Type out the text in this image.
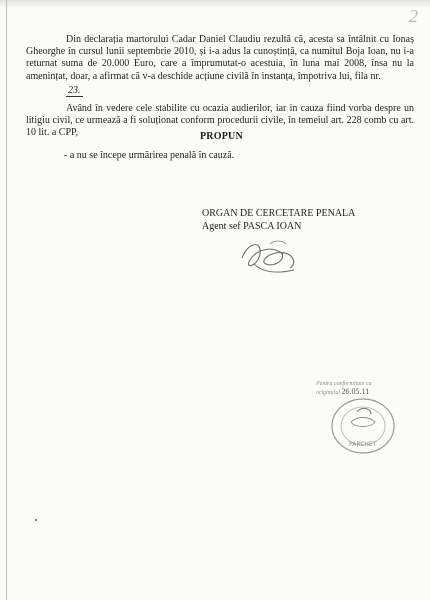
2

Din declarația martorului Cadar Daniel Claudiu rezultă că, acesta sa întâlnit cu Ionaș Gheorghe în cursul lunii septembrie 2010, și i-a adus la cunoștință, ca numitul Boja Ioan, nu i-a returnat suma de 20.000 Euro, care a împrumutat-o acestuia, în luna mai 2008, însa nu la amenințat, doar, a afirmat că v-a deschide acțiune civilă în instanța, împotriva lui, fila nr.
23.

Având în vedere cele stabilite cu ocazia audierilor, iar in cauza fiind vorba despre un litigiu civil, ce urmează a fi soluționat conform procedurii civile, în temeiul art. 228 comb cu art. 10 lit. a CPP,	PROPUN
- a nu se începe urmărirea penală în cauză.
ORGAN DE CERCETARE PENALA
Agent sef PASCA IOAN
Pentru conformitate cu
originalul 26.05.11
PARCHET
